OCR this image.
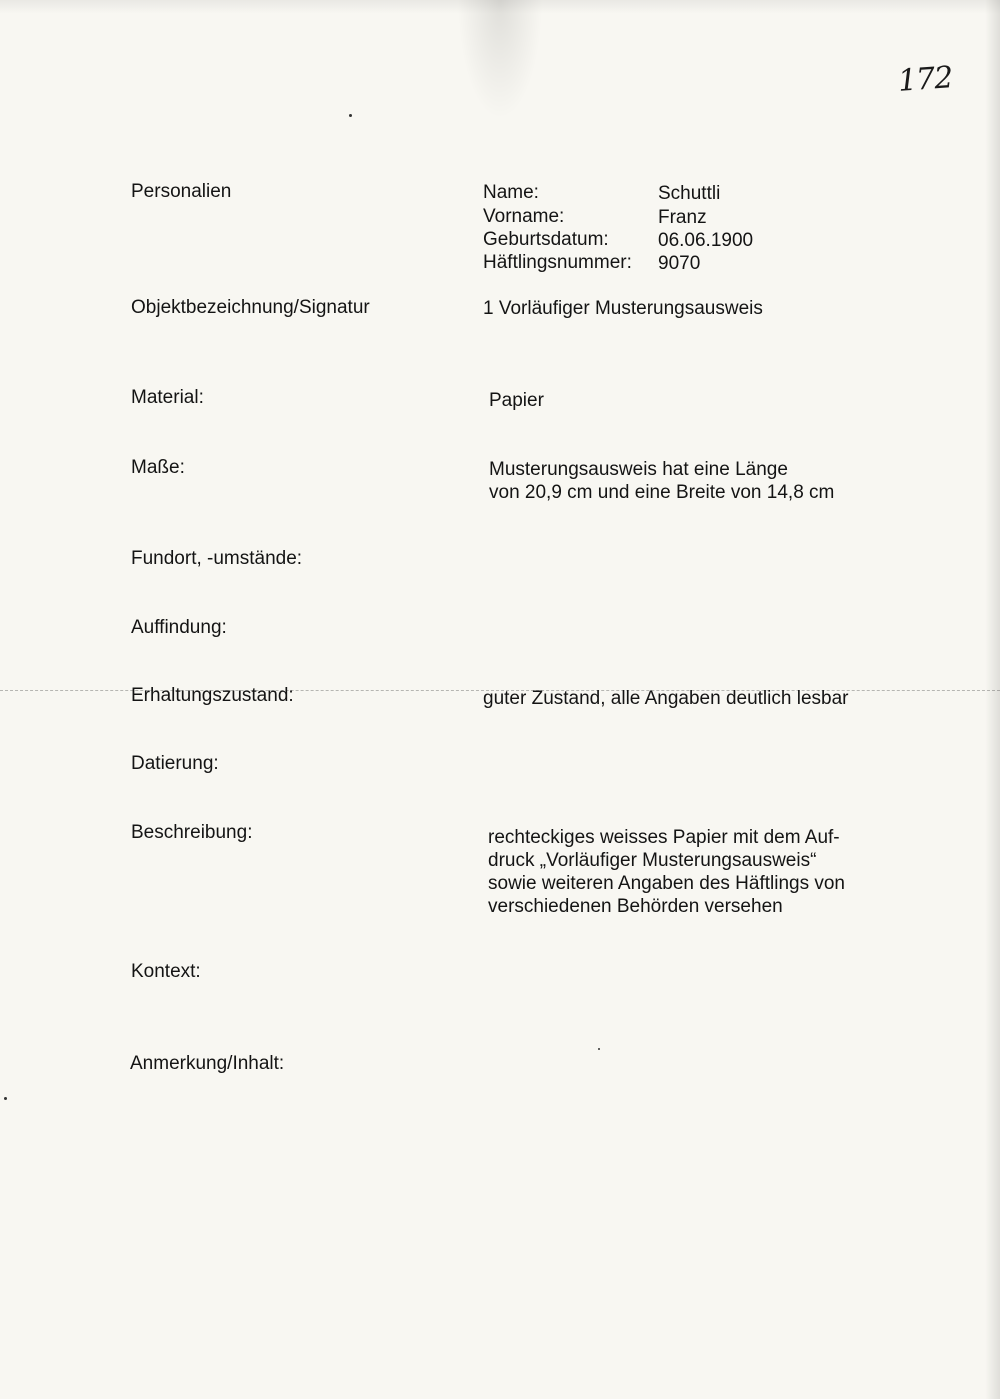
172
Personalien	Name:	Schuttli
Vorname:	Franz
Geburtsdatum:	06.06.1900
Häftlingsnummer: 9070
Objektbezeichnung/Signatur	1 Vorläufiger Musterungsausweis
Material:	Papier
Maße:	Musterungsausweis hat eine Länge
von 20,9 cm und eine Breite von 14,8 cm
Fundort, -umstände:
Auffindung:
Erhaltungszustand:	guter Zustand, alle Angaben deutlich lesbar
Datierung:
Beschreibung:	rechteckiges weisses Papier mit dem Auf-
druck „Vorläufiger Musterungsausweis“
sowie weiteren Angaben des Häftlings von
verschiedenen Behörden versehen
Kontext:
Anmerkung/Inhalt:
